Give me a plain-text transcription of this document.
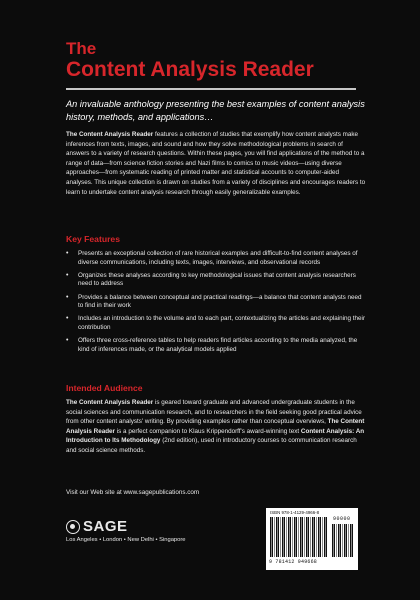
The
Content Analysis Reader
An invaluable anthology presenting the best examples of content analysis history, methods, and applications…
The Content Analysis Reader features a collection of studies that exemplify how content analysts make inferences from texts, images, and sound and how they solve methodological problems in search of answers to a variety of research questions. Within these pages, you will find applications of the method to a range of data—from science fiction stories and Nazi films to comics to music videos—using diverse approaches—from systematic reading of printed matter and statistical accounts to computer-aided analyses. This unique collection is drawn on studies from a variety of disciplines and encourages readers to learn to undertake content analysis research through easily generalizable examples.
Key Features
• Presents an exceptional collection of rare historical examples and difficult-to-find content analyses of diverse communications, including texts, images, interviews, and observational records
• Organizes these analyses according to key methodological issues that content analysis researchers need to address
• Provides a balance between conceptual and practical readings—a balance that content analysts need to find in their work
• Includes an introduction to the volume and to each part, contextualizing the articles and explaining their contribution
• Offers three cross-reference tables to help readers find articles according to the media analyzed, the kind of inferences made, or the analytical models applied
Intended Audience
The Content Analysis Reader is geared toward graduate and advanced undergraduate students in the social sciences and communication research, and to researchers in the field seeking good practical advice from other content analysts' writing. By providing examples rather than conceptual overviews, The Content Analysis Reader is a perfect companion to Klaus Krippendorff's award-winning text Content Analysis: An Introduction to Its Methodology (2nd edition), used in introductory courses to communication research and social science methods.
Visit our Web site at www.sagepublications.com
SAGE
Los Angeles • London • New Delhi • Singapore
ISBN 978-1-4129-4966-8
90000
9 781412 949668
